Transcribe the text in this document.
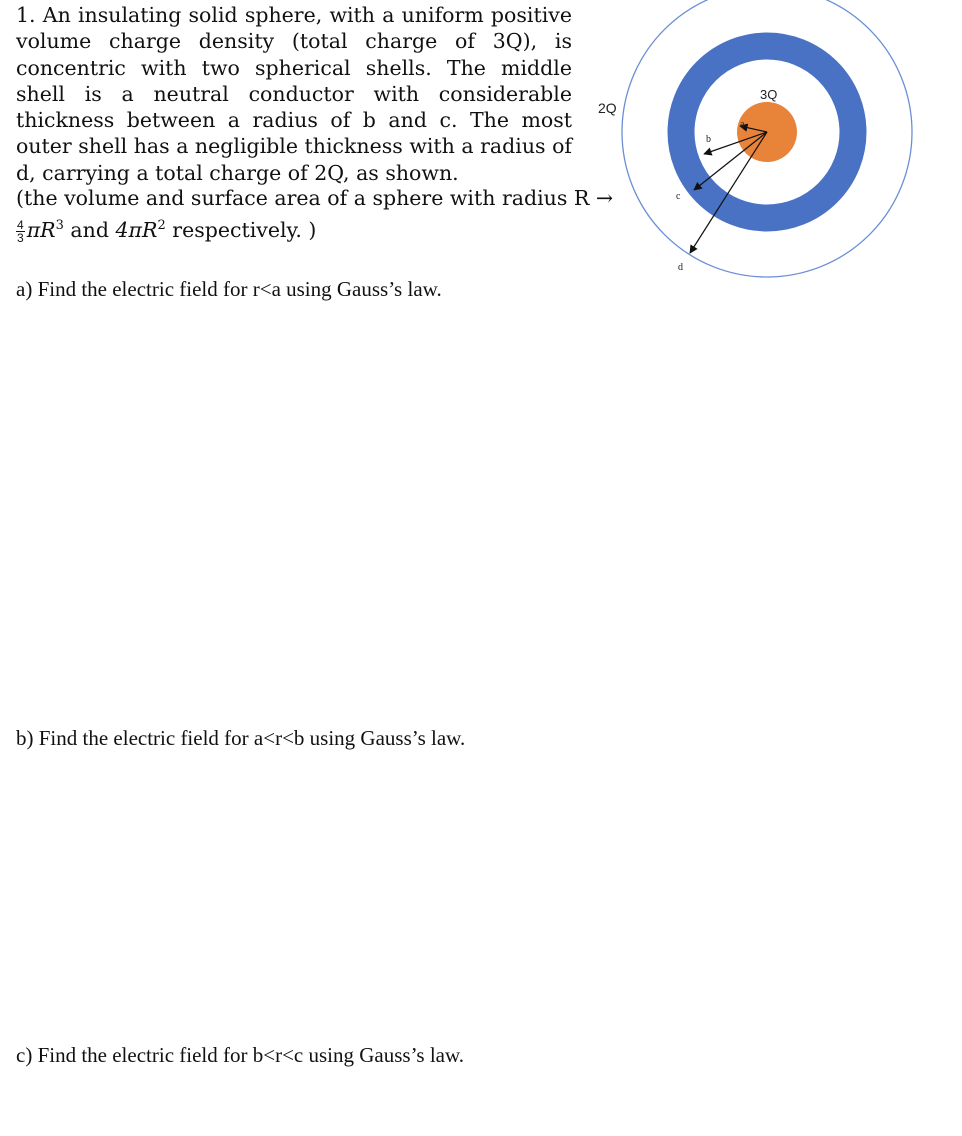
1. An insulating solid sphere, with a uniform positive volume charge density (total charge of 3Q), is concentric with two spherical shells. The middle shell is a neutral conductor with considerable thickness between a radius of b and c. The most outer shell has a negligible thickness with a radius of d, carrying a total charge of 2Q, as shown.
(the volume and surface area of a sphere with radius R →
$\frac{4}{3} \pi R^3$ and $4\pi R^2$ respectively. )
a) Find the electric field for r<a using Gauss’s law.
b) Find the electric field for a<r<b using Gauss’s law.
c) Find the electric field for b<r<c using Gauss’s law.
2Q
3Q
a
b
c
d
